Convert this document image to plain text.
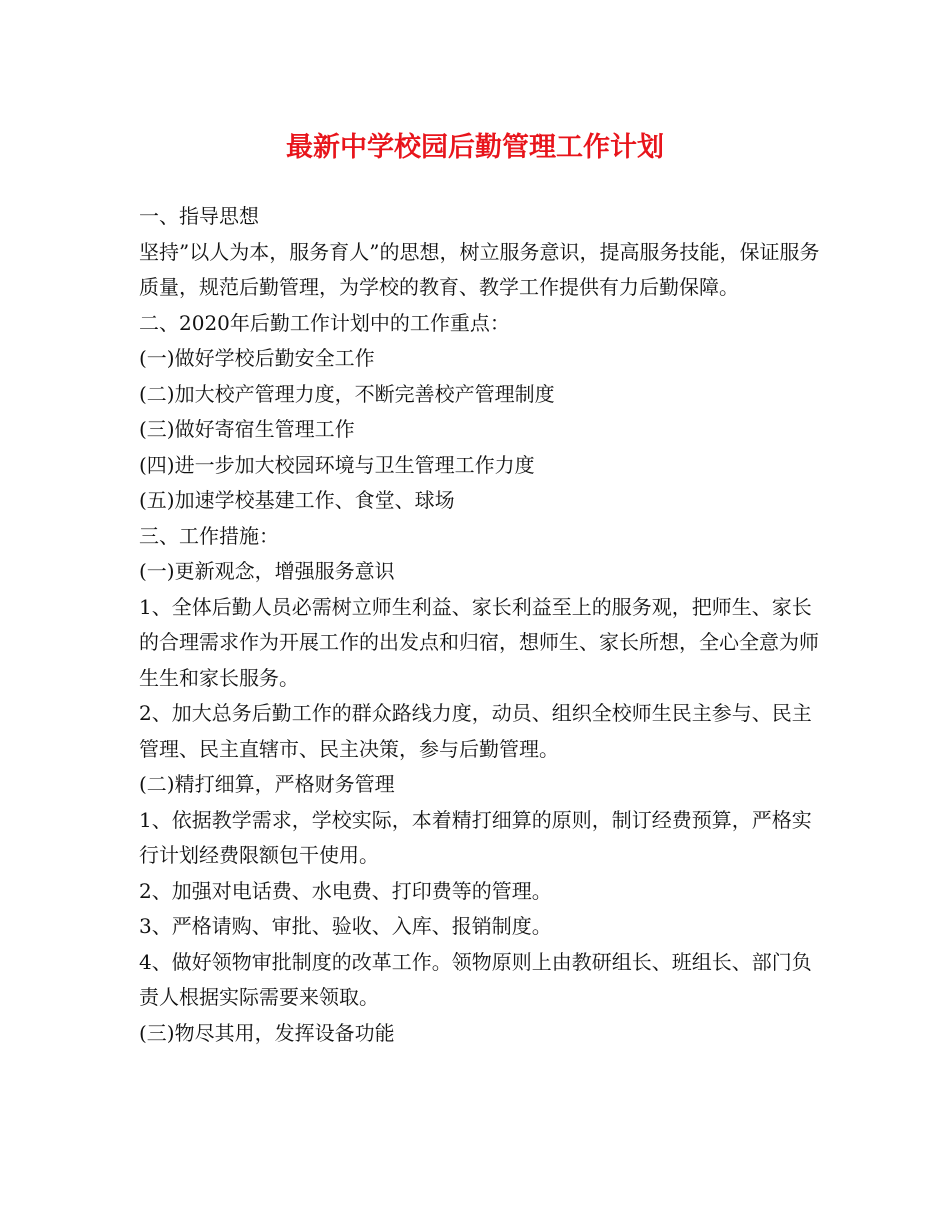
最新中学校园后勤管理工作计划

一、指导思想

坚持”以人为本，服务育人”的思想，树立服务意识，提高服务技能，保证服务质量，规范后勤管理，为学校的教育、教学工作提供有力后勤保障。

二、2020年后勤工作计划中的工作重点：

(一)做好学校后勤安全工作

(二)加大校产管理力度，不断完善校产管理制度

(三)做好寄宿生管理工作

(四)进一步加大校园环境与卫生管理工作力度

(五)加速学校基建工作、食堂、球场

三、工作措施：

(一)更新观念，增强服务意识

1、全体后勤人员必需树立师生利益、家长利益至上的服务观，把师生、家长的合理需求作为开展工作的出发点和归宿，想师生、家长所想，全心全意为师生生和家长服务。

2、加大总务后勤工作的群众路线力度，动员、组织全校师生民主参与、民主管理、民主直辖市、民主决策，参与后勤管理。

(二)精打细算，严格财务管理

1、依据教学需求，学校实际，本着精打细算的原则，制订经费预算，严格实行计划经费限额包干使用。

2、加强对电话费、水电费、打印费等的管理。

3、严格请购、审批、验收、入库、报销制度。

4、做好领物审批制度的改革工作。领物原则上由教研组长、班组长、部门负责人根据实际需要来领取。

(三)物尽其用，发挥设备功能
